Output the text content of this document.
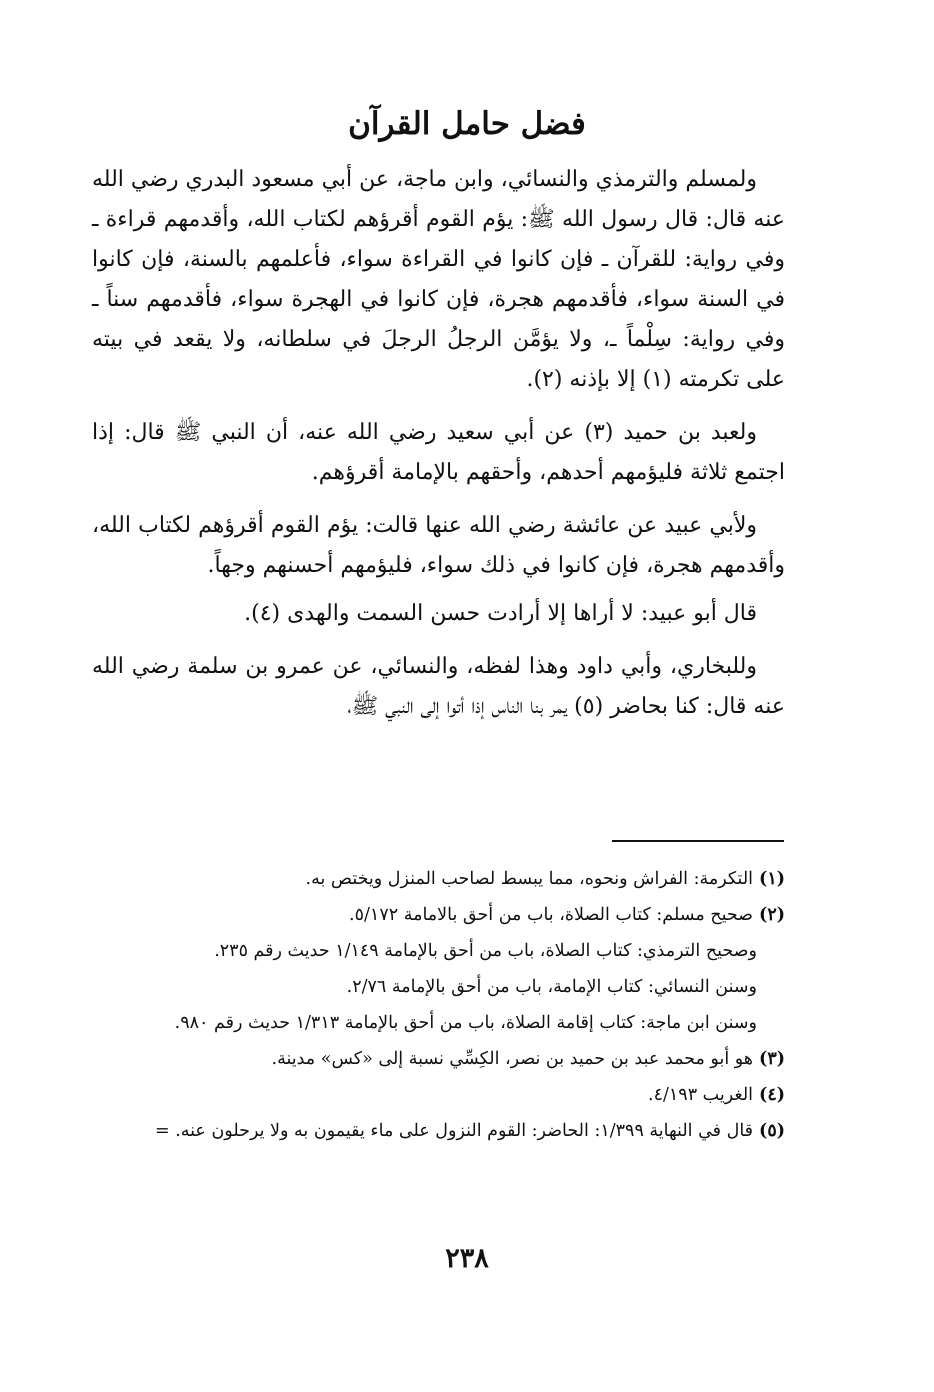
فضل حامل القرآن

ولمسلم والترمذي والنسائي، وابن ماجة، عن أبي مسعود البدري رضي الله عنه قال: قال رسول الله ﷺ: يؤم القوم أقرؤهم لكتاب الله، وأقدمهم قراءة ـ وفي رواية: للقرآن ـ فإن كانوا في القراءة سواء، فأعلمهم بالسنة، فإن كانوا في السنة سواء، فأقدمهم هجرة، فإن كانوا في الهجرة سواء، فأقدمهم سناً ـ وفي رواية: سِلْماً ـ، ولا يؤمَّن الرجلُ الرجلَ في سلطانه، ولا يقعد في بيته على تكرمته (١) إلا بإذنه (٢).

ولعبد بن حميد (٣) عن أبي سعيد رضي الله عنه، أن النبي ﷺ قال: إذا اجتمع ثلاثة فليؤمهم أحدهم، وأحقهم بالإمامة أقرؤهم.

ولأبي عبيد عن عائشة رضي الله عنها قالت: يؤم القوم أقرؤهم لكتاب الله، وأقدمهم هجرة، فإن كانوا في ذلك سواء، فليؤمهم أحسنهم وجهاً.

قال أبو عبيد: لا أراها إلا أرادت حسن السمت والهدى (٤).

وللبخاري، وأبي داود وهذا لفظه، والنسائي، عن عمرو بن سلمة رضي الله عنه قال: كنا بحاضر (٥) يمر بنا الناس إذا أتوا إلى النبي ﷺ،

(١)التكرمة: الفراش ونحوه، مما يبسط لصاحب المنزل ويختص به.

(٢)صحيح مسلم: كتاب الصلاة، باب من أحق بالامامة ٥/١٧٢.

وصحيح الترمذي: كتاب الصلاة، باب من أحق بالإمامة ١/١٤٩ حديث رقم ٢٣٥.

وسنن النسائي: كتاب الإمامة، باب من أحق بالإمامة ٢/٧٦.

وسنن ابن ماجة: كتاب إقامة الصلاة، باب من أحق بالإمامة ١/٣١٣ حديث رقم ٩٨٠.

(٣)هو أبو محمد عبد بن حميد بن نصر، الكِسِّي نسبة إلى «كس» مدينة.

(٤)الغريب ٤/١٩٣.

(٥)قال في النهاية ١/٣٩٩: الحاضر: القوم النزول على ماء يقيمون به ولا يرحلون عنه. =

٢٣٨
